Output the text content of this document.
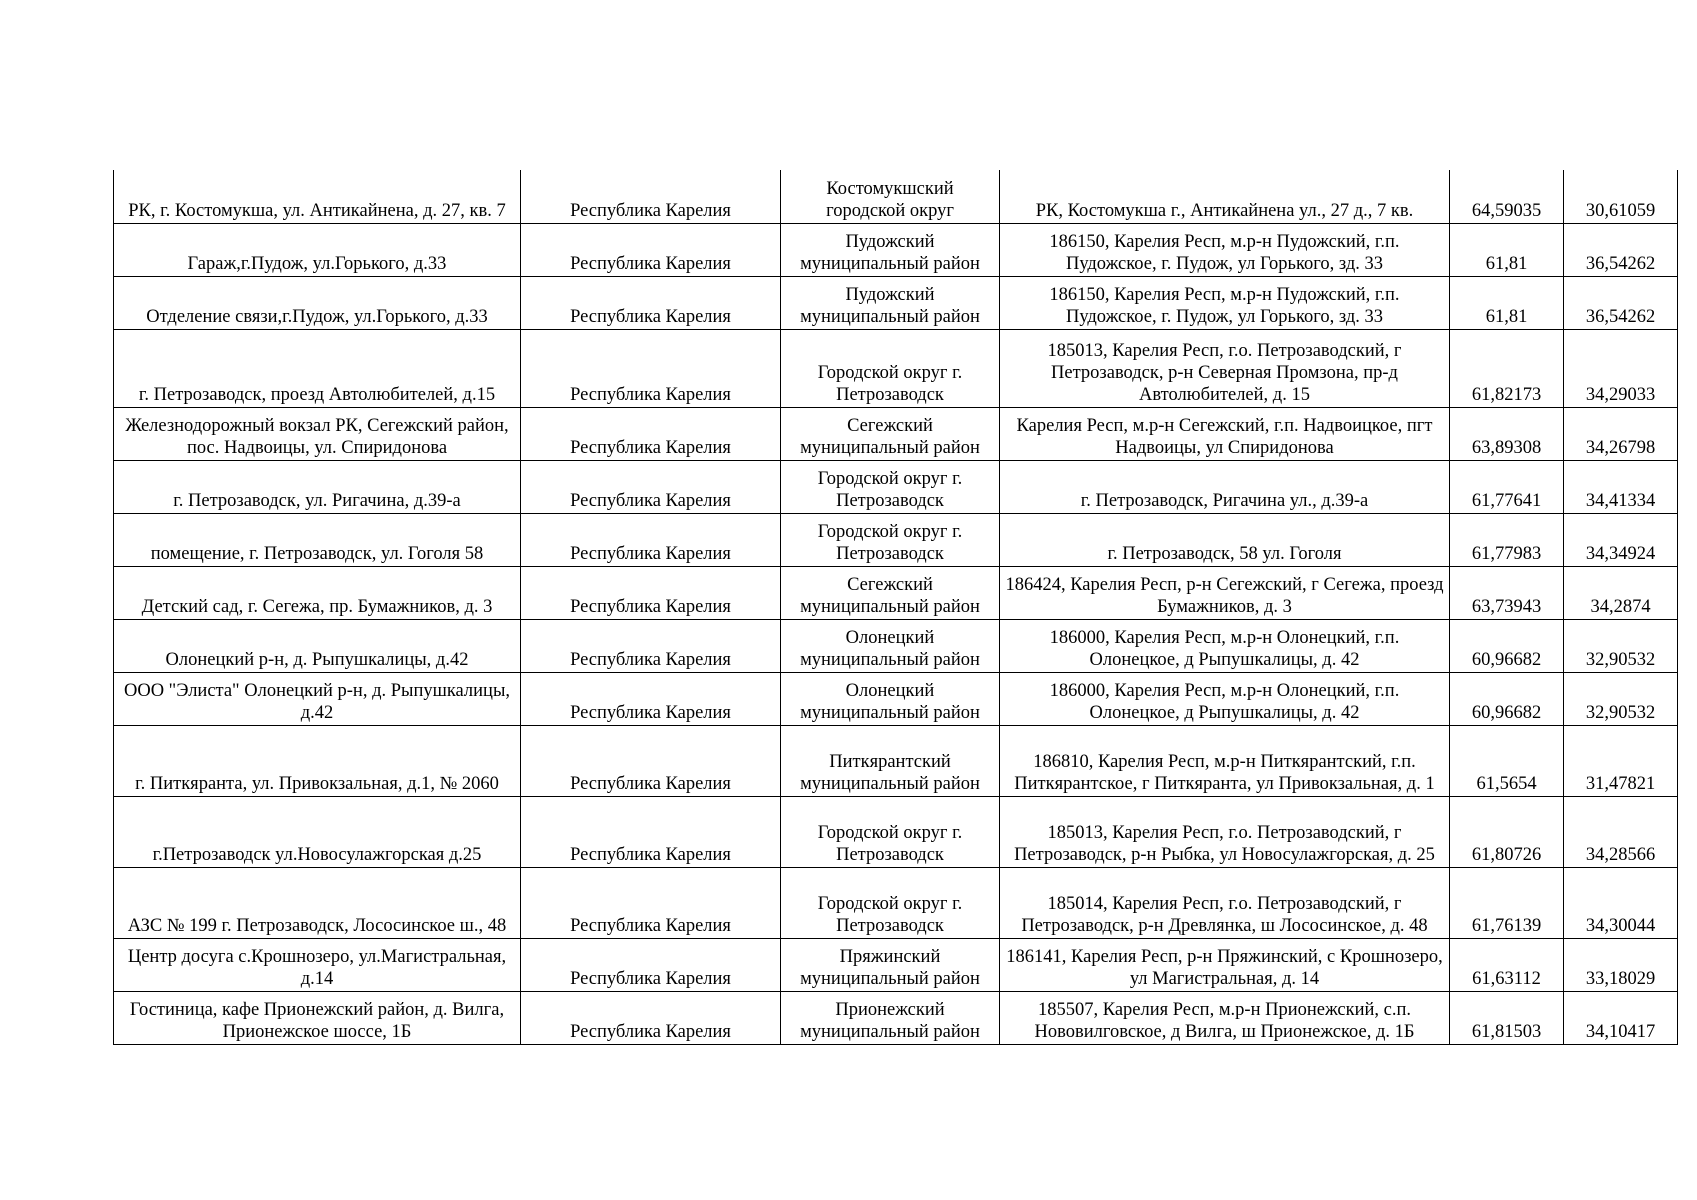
РК, г. Костомукша, ул. Антикайнена, д. 27, кв. 7	Республика Карелия	Костомукшский городской округ	РК, Костомукша г., Антикайнена ул., 27 д., 7 кв.	64,59035	30,61059
Гараж,г.Пудож, ул.Горького, д.33	Республика Карелия	Пудожский муниципальный район	186150, Карелия Респ, м.р-н Пудожский, г.п. Пудожское, г. Пудож, ул Горького, зд. 33	61,81	36,54262
Отделение связи,г.Пудож, ул.Горького, д.33	Республика Карелия	Пудожский муниципальный район	186150, Карелия Респ, м.р-н Пудожский, г.п. Пудожское, г. Пудож, ул Горького, зд. 33	61,81	36,54262
г. Петрозаводск, проезд Автолюбителей, д.15	Республика Карелия	Городской округ г. Петрозаводск	185013, Карелия Респ, г.о. Петрозаводский, г Петрозаводск, р-н Северная Промзона, пр-д Автолюбителей, д. 15	61,82173	34,29033
Железнодорожный вокзал РК, Сегежский район, пос. Надвоицы, ул. Спиридонова	Республика Карелия	Сегежский муниципальный район	Карелия Респ, м.р-н Сегежский, г.п. Надвоицкое, пгт Надвоицы, ул Спиридонова	63,89308	34,26798
г. Петрозаводск, ул. Ригачина, д.39-а	Республика Карелия	Городской округ г. Петрозаводск	г. Петрозаводск, Ригачина ул., д.39-а	61,77641	34,41334
помещение, г. Петрозаводск, ул. Гоголя 58	Республика Карелия	Городской округ г. Петрозаводск	г. Петрозаводск, 58 ул. Гоголя	61,77983	34,34924
Детский сад, г. Сегежа, пр. Бумажников, д. 3	Республика Карелия	Сегежский муниципальный район	186424, Карелия Респ, р-н Сегежский, г Сегежа, проезд Бумажников, д. 3	63,73943	34,2874
Олонецкий р-н, д. Рыпушкалицы, д.42	Республика Карелия	Олонецкий муниципальный район	186000, Карелия Респ, м.р-н Олонецкий, г.п. Олонецкое, д Рыпушкалицы, д. 42	60,96682	32,90532
ООО "Элиста" Олонецкий р-н, д. Рыпушкалицы, д.42	Республика Карелия	Олонецкий муниципальный район	186000, Карелия Респ, м.р-н Олонецкий, г.п. Олонецкое, д Рыпушкалицы, д. 42	60,96682	32,90532
г. Питкяранта, ул. Привокзальная, д.1, № 2060	Республика Карелия	Питкярантский муниципальный район	186810, Карелия Респ, м.р-н Питкярантский, г.п. Питкярантское, г Питкяранта, ул Привокзальная, д. 1	61,5654	31,47821
г.Петрозаводск ул.Новосулажгорская д.25	Республика Карелия	Городской округ г. Петрозаводск	185013, Карелия Респ, г.о. Петрозаводский, г Петрозаводск, р-н Рыбка, ул Новосулажгорская, д. 25	61,80726	34,28566
АЗС № 199 г. Петрозаводск, Лососинское ш., 48	Республика Карелия	Городской округ г. Петрозаводск	185014, Карелия Респ, г.о. Петрозаводский, г Петрозаводск, р-н Древлянка, ш Лососинское, д. 48	61,76139	34,30044
Центр досуга с.Крошнозеро, ул.Магистральная, д.14	Республика Карелия	Пряжинский муниципальный район	186141, Карелия Респ, р-н Пряжинский, с Крошнозеро, ул Магистральная, д. 14	61,63112	33,18029
Гостиница, кафе Прионежский район, д. Вилга, Прионежское шоссе, 1Б	Республика Карелия	Прионежский муниципальный район	185507, Карелия Респ, м.р-н Прионежский, с.п. Нововилговское, д Вилга, ш Прионежское, д. 1Б	61,81503	34,10417
